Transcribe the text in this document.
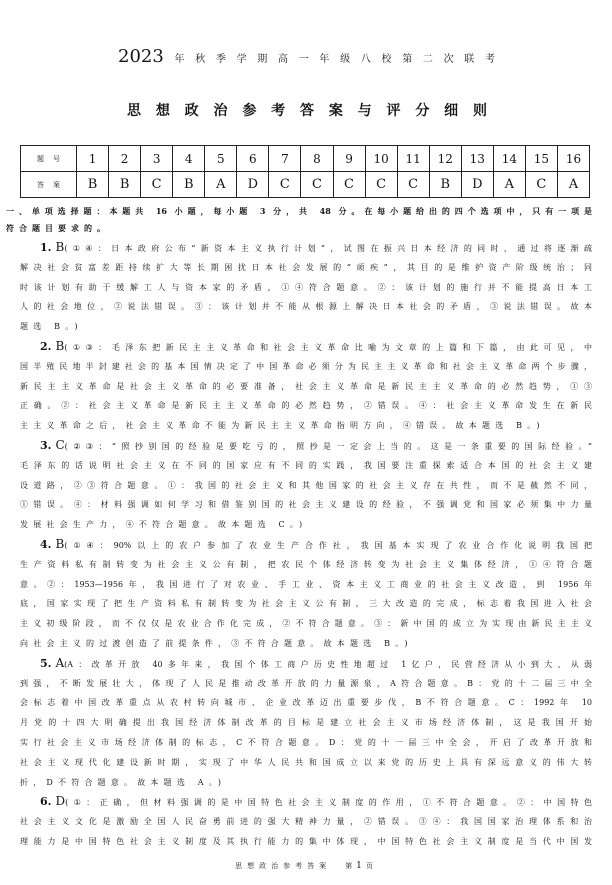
2023年秋季学期高一年级八校第二次联考
思想政治参考答案与评分细则
题号	1	2	3	4	5	6	7	8	9	10	11	12	13	14	15	16
答案	B	B	C	B	A	D	C	C	C	C	C	B	D	A	C	A
一、单项选择题：本题共 16 小题，每小题 3 分，共 48 分。在每小题给出的四个选项中，只有一项是
符合题目要求的。
1. B(①④：日本政府公布“新资本主义执行计划”，试图在振兴日本经济的同时，通过将逐渐疏
解决社会贫富差距持续扩大等长期困扰日本社会发展的“顽疾”，其目的是维护资产阶级统治；同
时该计划有助于缓解工人与资本家的矛盾，①④符合题意。②：该计划的施行并不能提高日本工
人的社会地位，②说法错误。③：该计划并不能从根源上解决日本社会的矛盾，③说法错误。故本
题选 B。)
2. B(①③：毛泽东把新民主主义革命和社会主义革命比喻为文章的上篇和下篇，由此可见，中
国半殖民地半封建社会的基本国情决定了中国革命必须分为民主主义革命和社会主义革命两个步骤，
新民主主义革命是社会主义革命的必要准备，社会主义革命是新民主主义革命的必然趋势，①③
正确。②：社会主义革命是新民主主义革命的必然趋势，②错误。④：社会主义革命发生在新民
主主义革命之后，社会主义革命不能为新民主主义革命指明方向，④错误。故本题选 B。)
3. C(②③：“照抄别国的经验是要吃亏的，照抄是一定会上当的。这是一条重要的国际经验。”
毛泽东的话说明社会主义在不同的国家应有不同的实践，我国要注重探索适合本国的社会主义建
设道路，②③符合题意。①：我国的社会主义和其他国家的社会主义存在共性，而不是截然不同，
①错误。④：材料强调如何学习和借鉴别国的社会主义建设的经验，不强调党和国家必须集中力量
发展社会生产力，④不符合题意。故本题选 C。)
4. B(①④：90%以上的农户参加了农业生产合作社，我国基本实现了农业合作化说明我国把
生产资料私有制转变为社会主义公有制，把农民个体经济转变为社会主义集体经济，①④符合题
意。②：1953—1956年，我国进行了对农业、手工业、资本主义工商业的社会主义改造，到 1956年
底，国家实现了把生产资料私有制转变为社会主义公有制，三大改造的完成，标志着我国进入社会
主义初级阶段，而不仅仅是农业合作化完成，②不符合题意。③：新中国的成立为实现由新民主主义
向社会主义的过渡创造了前提条件，③不符合题意。故本题选 B。)
5. A(A：改革开放 40多年来，我国个体工商户历史性地超过 1亿户，民营经济从小到大、从弱
到强，不断发展壮大，体现了人民是推动改革开放的力量源泉，A符合题意。B：党的十二届三中全
会标志着中国改革重点从农村转向城市、企业改革迈出重要步伐，B不符合题意。C：1992年 10
月党的十四大明确提出我国经济体制改革的目标是建立社会主义市场经济体制，这是我国开始
实行社会主义市场经济体制的标志，C不符合题意。D：党的十一届三中全会，开启了改革开放和
社会主义现代化建设新时期，实现了中华人民共和国成立以来党的历史上具有深远意义的伟大转
折，D不符合题意。故本题选 A。)
6. D(①：正确，但材料强调的是中国特色社会主义制度的作用，①不符合题意。②：中国特色
社会主义文化是激励全国人民奋勇前进的强大精神力量，②错误。③④：我国国家治理体系和治
理能力是中国特色社会主义制度及其执行能力的集中体现，中国特色社会主义制度是当代中国发
思想政治参考答案 第1页
